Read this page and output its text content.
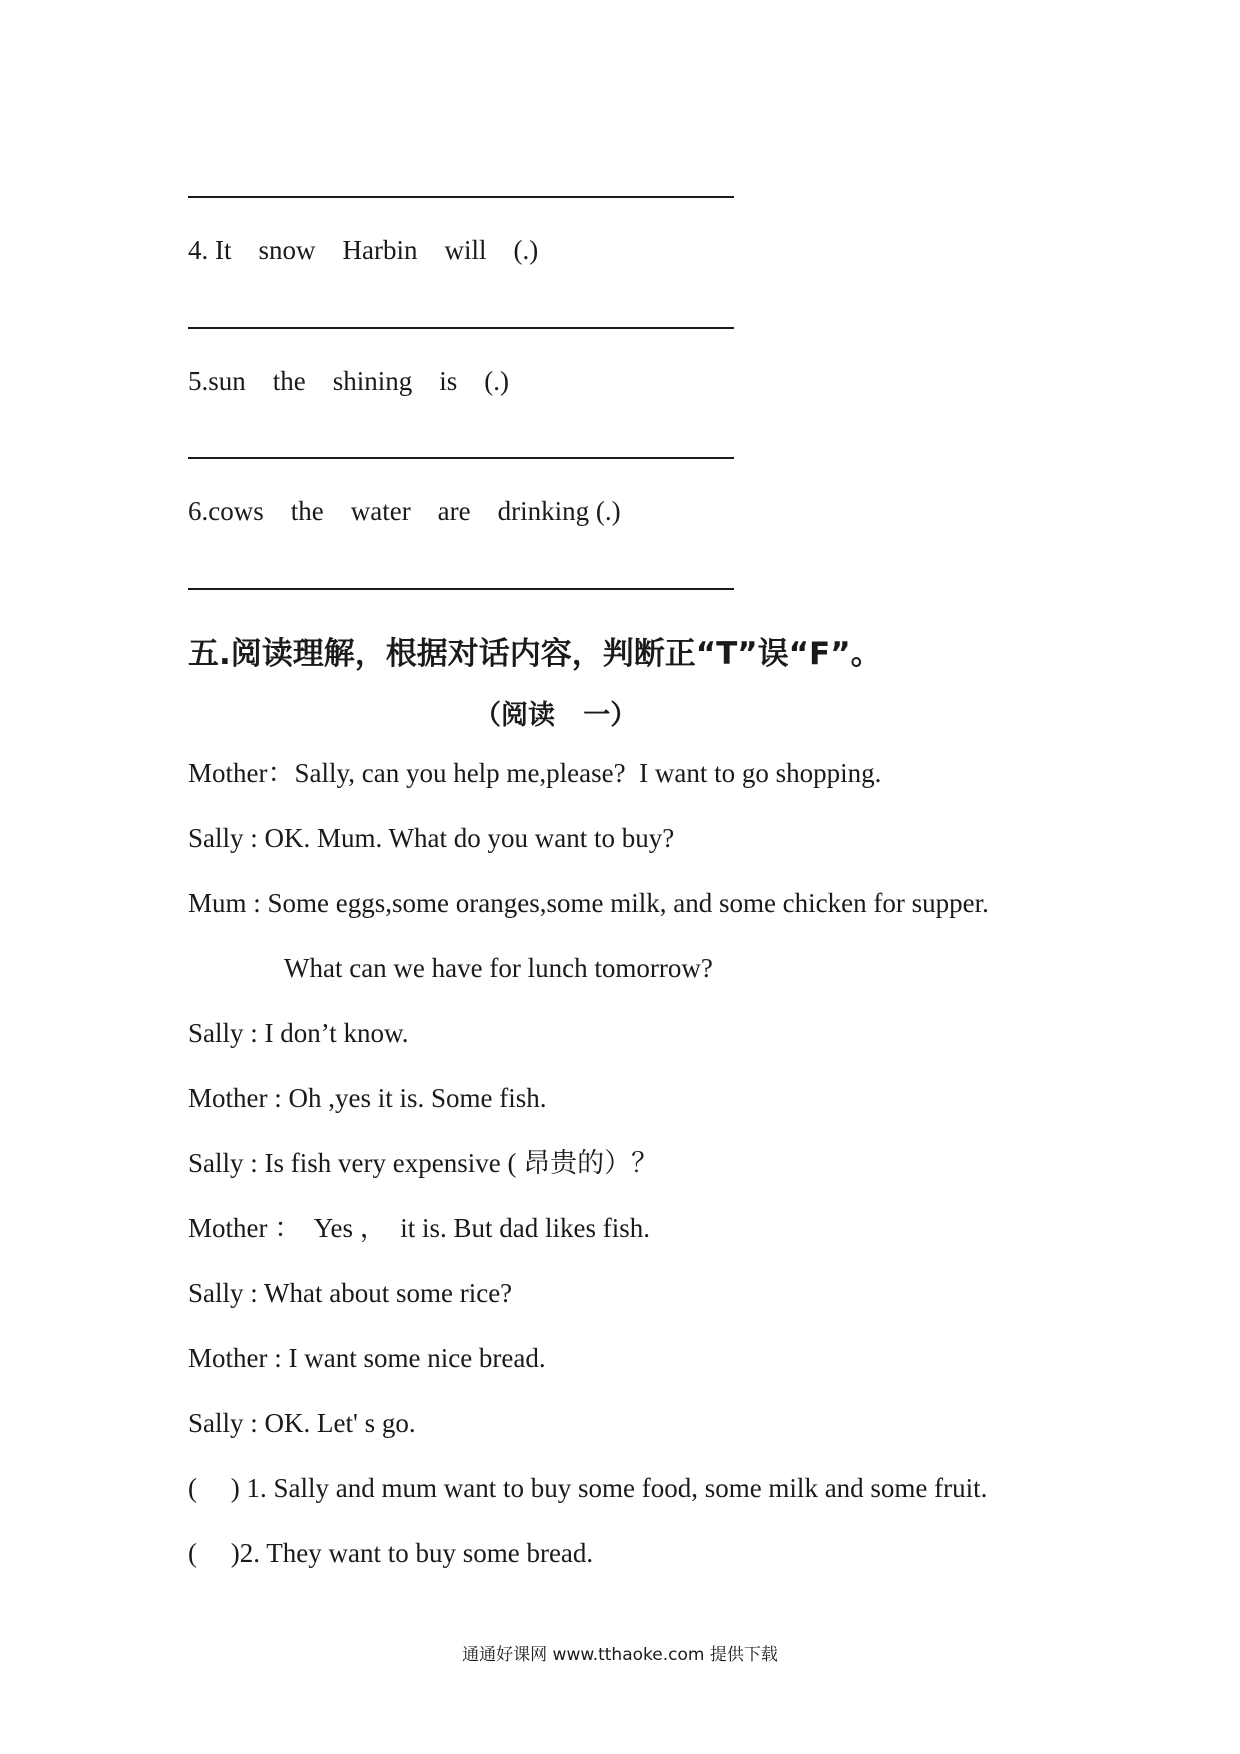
4. It    snow    Harbin    will    (.)
5.sun    the    shining    is    (.)
6.cows    the    water    are    drinking (.)
五.阅读理解，根据对话内容，判断正“T”误“F”。
（阅读   一）
Mother：Sally, can you help me,please?  I want to go shopping.
Sally : OK. Mum. What do you want to buy?
Mum : Some eggs,some oranges,some milk, and some chicken for supper.
What can we have for lunch tomorrow?
Sally : I don’t know.
Mother : Oh ,yes it is. Some fish.
Sally : Is fish very expensive ( 昂贵的）？
Mother ：  Yes ，  it is. But dad likes fish.
Sally : What about some rice?
Mother : I want some nice bread.
Sally : OK. Let' s go.
(     ) 1. Sally and mum want to buy some food, some milk and some fruit.
(     )2. They want to buy some bread.
通通好课网 www.tthaoke.com 提供下载
